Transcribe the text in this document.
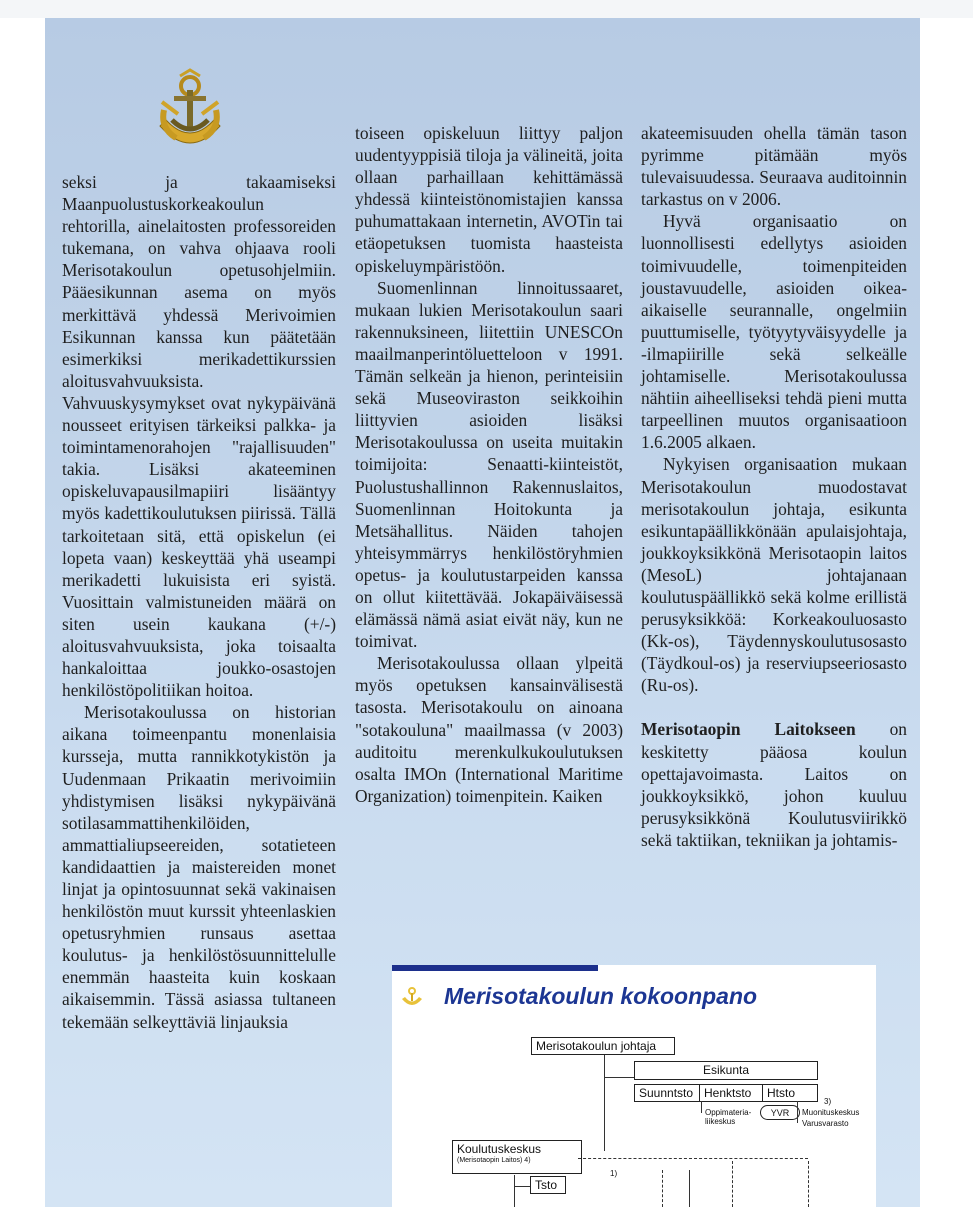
seksi ja takaamiseksi Maanpuolustuskorkeakoulun rehtorilla, ainelaitosten professoreiden tukemana, on vahva ohjaava rooli Merisotakoulun opetusohjelmiin. Pääesikunnan asema on myös merkittävä yhdessä Merivoimien Esikunnan kanssa kun päätetään esimerkiksi merikadettikurssien aloitusvahvuuksista. Vahvuuskysymykset ovat nykypäivänä nousseet erityisen tärkeiksi palkka- ja toimintamenorahojen "rajallisuuden" takia. Lisäksi akateeminen opiskeluvapausilmapiiri lisääntyy myös kadettikoulutuksen piirissä. Tällä tarkoitetaan sitä, että opiskelun (ei lopeta vaan) keskeyttää yhä useampi merikadetti lukuisista eri syistä. Vuosittain valmistuneiden määrä on siten usein kaukana (+/-) aloitusvahvuuksista, joka toisaalta hankaloittaa joukko-osastojen henkilöstöpolitiikan hoitoa.

Merisotakoulussa on historian aikana toimeenpantu monenlaisia kursseja, mutta rannikkotykistön ja Uudenmaan Prikaatin merivoimiin yhdistymisen lisäksi nykypäivänä sotilasammattihenkilöiden, ammattialiupseereiden, sotatieteen kandidaattien ja maistereiden monet linjat ja opintosuunnat sekä vakinaisen henkilöstön muut kurssit yhteenlaskien opetusryhmien runsaus asettaa koulutus- ja henkilöstösuunnittelulle enemmän haasteita kuin koskaan aikaisemmin. Tässä asiassa tultaneen tekemään selkeyttäviä linjauksia

toiseen opiskeluun liittyy paljon uudentyyppisiä tiloja ja välineitä, joita ollaan parhaillaan kehittämässä yhdessä kiinteistönomistajien kanssa puhumattakaan internetin, AVOTin tai etäopetuksen tuomista haasteista opiskeluympäristöön.

Suomenlinnan linnoitussaaret, mukaan lukien Merisotakoulun saari rakennuksineen, liitettiin UNESCOn maailmanperintöluetteloon v 1991. Tämän selkeän ja hienon, perinteisiin sekä Museoviraston seikkoihin liittyvien asioiden lisäksi Merisotakoulussa on useita muitakin toimijoita: Senaatti-kiinteistöt, Puolustushallinnon Rakennuslaitos, Suomenlinnan Hoitokunta ja Metsähallitus. Näiden tahojen yhteisymmärrys henkilöstöryhmien opetus- ja koulutustarpeiden kanssa on ollut kiitettävää. Jokapäiväisessä elämässä nämä asiat eivät näy, kun ne toimivat.

Merisotakoulussa ollaan ylpeitä myös opetuksen kansainvälisestä tasosta. Merisotakoulu on ainoana "sotakouluna" maailmassa (v 2003) auditoitu merenkulkukoulutuksen osalta IMOn (International Maritime Organization) toimenpitein. Kaiken

akateemisuuden ohella tämän tason pyrimme pitämään myös tulevaisuudessa. Seuraava auditoinnin tarkastus on v 2006.

Hyvä organisaatio on luonnollisesti edellytys asioiden toimivuudelle, toimenpiteiden joustavuudelle, asioiden oikea-aikaiselle seurannalle, ongelmiin puuttumiselle, työtyytyväisyydelle ja -ilmapiirille sekä selkeälle johtamiselle. Merisotakoulussa nähtiin aiheelliseksi tehdä pieni mutta tarpeellinen muutos organisaatioon 1.6.2005 alkaen.

Nykyisen organisaation mukaan Merisotakoulun muodostavat merisotakoulun johtaja, esikunta esikuntapäällikkönään apulaisjohtaja, joukkoyksikkönä Merisotaopin laitos (MesoL) johtajanaan koulutuspäällikkö sekä kolme erillistä perusyksikköä: Korkeakouluosasto (Kk-os), Täydennyskoulutusosasto (Täydkoul-os) ja reserviupseeriosasto (Ru-os).

Merisotaopin Laitokseen on keskitetty pääosa koulun opettajavoimasta. Laitos on joukkoyksikkö, johon kuuluu perusyksikkönä Koulutusviirikkö sekä taktiikan, tekniikan ja johtamis-

Merisotakoulun kokoonpano
Merisotakoulun johtaja
Esikunta
Suunntsto Henktsto	Htsto
Oppimateria-
liikeskus
YVR
3)
Muonituskeskus
Varusvarasto
Koulutuskeskus
(Merisotaopin Laitos) 4)
Tsto
1)
